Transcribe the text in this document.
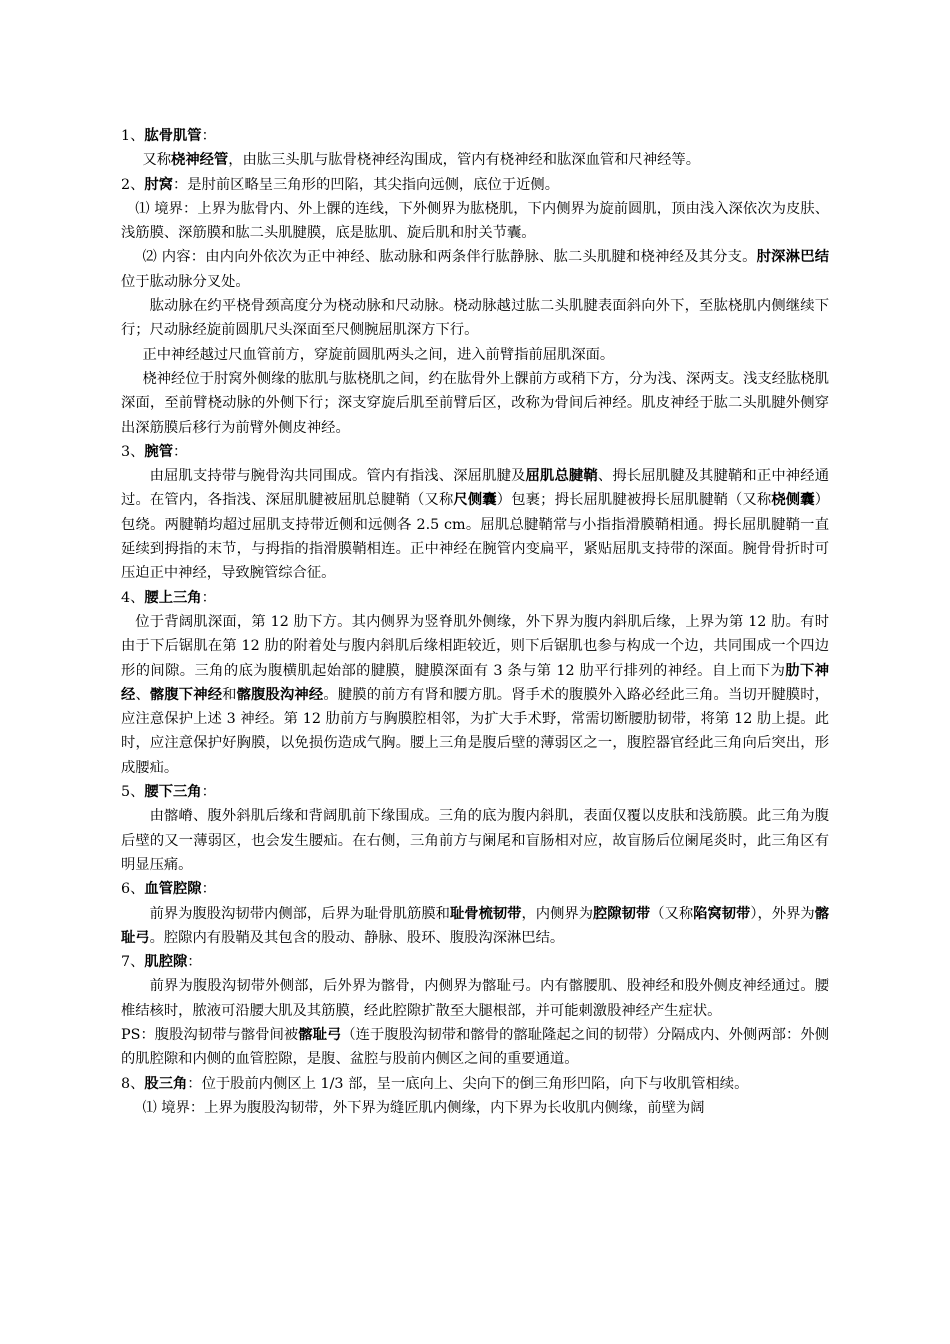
1、肱骨肌管：

又称桡神经管，由肱三头肌与肱骨桡神经沟围成，管内有桡神经和肱深血管和尺神经等。

2、肘窝：是肘前区略呈三角形的凹陷，其尖指向远侧，底位于近侧。

⑴ 境界：上界为肱骨内、外上髁的连线，下外侧界为肱桡肌，下内侧界为旋前圆肌，顶由浅入深依次为皮肤、浅筋膜、深筋膜和肱二头肌腱膜，底是肱肌、旋后肌和肘关节囊。

⑵ 内容：由内向外依次为正中神经、肱动脉和两条伴行肱静脉、肱二头肌腱和桡神经及其分支。肘深淋巴结位于肱动脉分叉处。

肱动脉在约平桡骨颈高度分为桡动脉和尺动脉。桡动脉越过肱二头肌腱表面斜向外下，至肱桡肌内侧继续下行；尺动脉经旋前圆肌尺头深面至尺侧腕屈肌深方下行。

正中神经越过尺血管前方，穿旋前圆肌两头之间，进入前臂指前屈肌深面。

桡神经位于肘窝外侧缘的肱肌与肱桡肌之间，约在肱骨外上髁前方或稍下方，分为浅、深两支。浅支经肱桡肌深面，至前臂桡动脉的外侧下行；深支穿旋后肌至前臂后区，改称为骨间后神经。肌皮神经于肱二头肌腱外侧穿出深筋膜后移行为前臂外侧皮神经。

3、腕管：

由屈肌支持带与腕骨沟共同围成。管内有指浅、深屈肌腱及屈肌总腱鞘、拇长屈肌腱及其腱鞘和正中神经通过。在管内，各指浅、深屈肌腱被屈肌总腱鞘（又称尺侧囊）包裹；拇长屈肌腱被拇长屈肌腱鞘（又称桡侧囊）包绕。两腱鞘均超过屈肌支持带近侧和远侧各 2.5 cm。屈肌总腱鞘常与小指指滑膜鞘相通。拇长屈肌腱鞘一直延续到拇指的末节，与拇指的指滑膜鞘相连。正中神经在腕管内变扁平，紧贴屈肌支持带的深面。腕骨骨折时可压迫正中神经，导致腕管综合征。

4、腰上三角：

位于背阔肌深面，第 12 肋下方。其内侧界为竖脊肌外侧缘，外下界为腹内斜肌后缘，上界为第 12 肋。有时由于下后锯肌在第 12 肋的附着处与腹内斜肌后缘相距较近，则下后锯肌也参与构成一个边，共同围成一个四边形的间隙。三角的底为腹横肌起始部的腱膜，腱膜深面有 3 条与第 12 肋平行排列的神经。自上而下为肋下神经、髂腹下神经和髂腹股沟神经。腱膜的前方有肾和腰方肌。肾手术的腹膜外入路必经此三角。当切开腱膜时，应注意保护上述 3 神经。第 12 肋前方与胸膜腔相邻，为扩大手术野，常需切断腰肋韧带，将第 12 肋上提。此时，应注意保护好胸膜，以免损伤造成气胸。腰上三角是腹后壁的薄弱区之一，腹腔器官经此三角向后突出，形成腰疝。

5、腰下三角：

由髂嵴、腹外斜肌后缘和背阔肌前下缘围成。三角的底为腹内斜肌，表面仅覆以皮肤和浅筋膜。此三角为腹后壁的又一薄弱区，也会发生腰疝。在右侧，三角前方与阑尾和盲肠相对应，故盲肠后位阑尾炎时，此三角区有明显压痛。

6、血管腔隙：

前界为腹股沟韧带内侧部，后界为耻骨肌筋膜和耻骨梳韧带，内侧界为腔隙韧带（又称陷窝韧带），外界为髂耻弓。腔隙内有股鞘及其包含的股动、静脉、股环、腹股沟深淋巴结。

7、肌腔隙：

前界为腹股沟韧带外侧部，后外界为髂骨，内侧界为髂耻弓。内有髂腰肌、股神经和股外侧皮神经通过。腰椎结核时，脓液可沿腰大肌及其筋膜，经此腔隙扩散至大腿根部，并可能刺激股神经产生症状。

PS：腹股沟韧带与髂骨间被髂耻弓（连于腹股沟韧带和髂骨的髂耻隆起之间的韧带）分隔成内、外侧两部：外侧的肌腔隙和内侧的血管腔隙，是腹、盆腔与股前内侧区之间的重要通道。

8、股三角：位于股前内侧区上 1/3 部，呈一底向上、尖向下的倒三角形凹陷，向下与收肌管相续。

⑴ 境界：上界为腹股沟韧带，外下界为缝匠肌内侧缘，内下界为长收肌内侧缘，前壁为阔
